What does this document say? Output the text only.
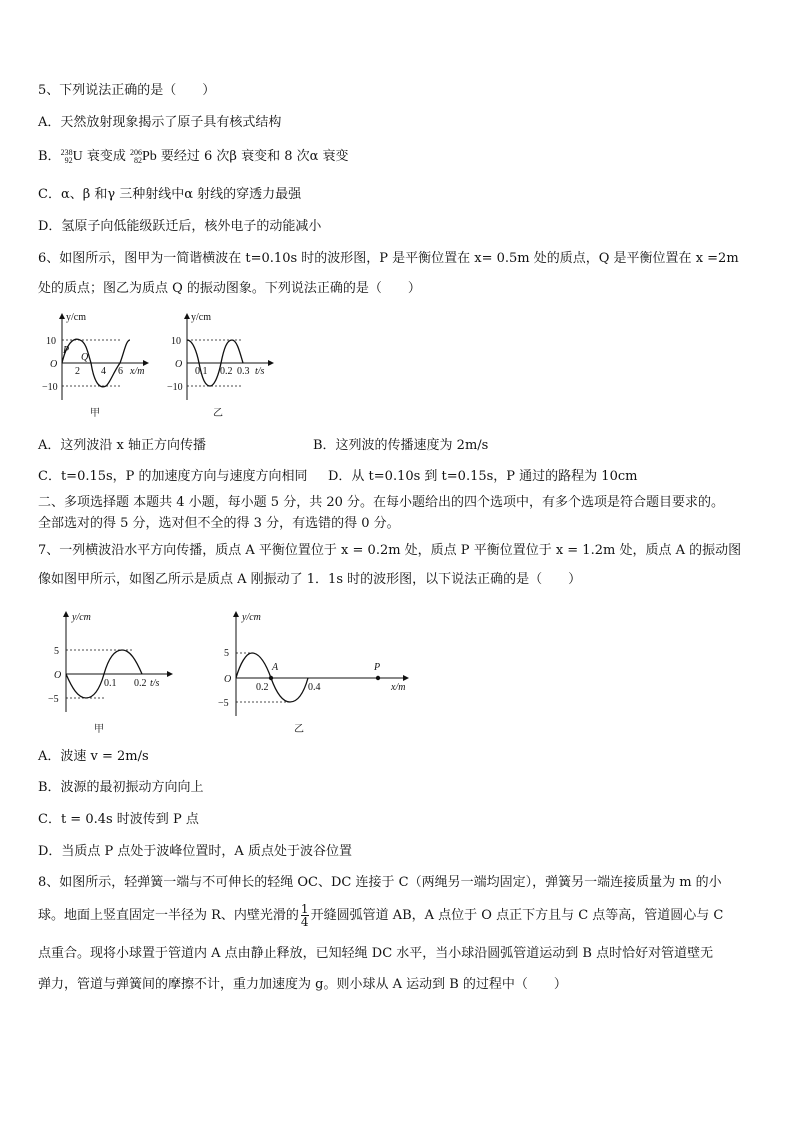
5、下列说法正确的是（　　）
A．天然放射现象揭示了原子具有核式结构
B． 238
92 U 衰变成 206
82 Pb 要经过 6 次β 衰变和 8 次α 衰变
C．α、β 和γ 三种射线中α 射线的穿透力最强
D．氢原子向低能级跃迁后，核外电子的动能减小
6、如图所示，图甲为一简谐横波在 t=0.10s 时的波形图，P 是平衡位置在 x= 0.5m 处的质点，Q 是平衡位置在 x =2m
处的质点；图乙为质点 Q 的振动图象。下列说法正确的是（　　）
y/cm
10
O
−10
2 4 6 x/m
P
Q
甲
y/cm
10
O
−10
0.1 0.2 0.3 t/s
乙
A．这列波沿 x 轴正方向传播	B．这列波的传播速度为 2m/s
C．t=0.15s，P 的加速度方向与速度方向相同 D．从 t=0.10s 到 t=0.15s，P 通过的路程为 10cm
二、多项选择题 本题共 4 小题，每小题 5 分，共 20 分。在每小题给出的四个选项中，有多个选项是符合题目要求的。
全部选对的得 5 分，选对但不全的得 3 分，有选错的得 0 分。
7、一列横波沿水平方向传播，质点 A 平衡位置位于 x = 0.2m 处，质点 P 平衡位置位于 x = 1.2m 处，质点 A 的振动图
像如图甲所示，如图乙所示是质点 A 刚振动了 1．1s 时的波形图，以下说法正确的是（　　）
y/cm
5
O
−5
0.1 0.2 t/s
甲
y/cm
5
O
−5
A	P
0.2	0.4	x/m
乙
A．波速 v = 2m/s
B．波源的最初振动方向向上
C．t = 0.4s 时波传到 P 点
D．当质点 P 点处于波峰位置时，A 质点处于波谷位置
8、如图所示，轻弹簧一端与不可伸长的轻绳 OC、DC 连接于 C（两绳另一端均固定），弹簧另一端连接质量为 m 的小
球。地面上竖直固定一半径为 R、内壁光滑的 $\frac{1}{4}$ 开缝圆弧管道 AB，A 点位于 O 点正下方且与 C 点等高，管道圆心与 C
点重合。现将小球置于管道内 A 点由静止释放，已知轻绳 DC 水平，当小球沿圆弧管道运动到 B 点时恰好对管道壁无
弹力，管道与弹簧间的摩擦不计，重力加速度为 g。则小球从 A 运动到 B 的过程中（　　）
